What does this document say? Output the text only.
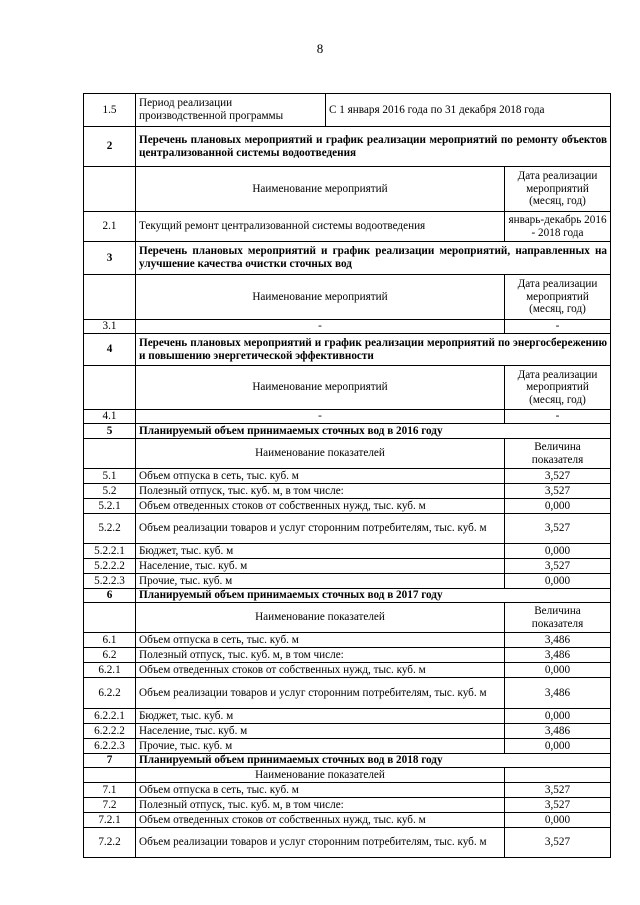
8
1.5	Период реализации производственной программы	С 1 января 2016 года по 31 декабря 2018 года	
2	Перечень плановых мероприятий и график реализации мероприятий по ремонту объектов централизованной системы водоотведения		
	Наименование мероприятий		Дата реализации мероприятий (месяц, год)
2.1	Текущий ремонт централизованной системы водоотведения		январь-декабрь 2016 - 2018 года
3	Перечень плановых мероприятий и график реализации мероприятий, направленных на улучшение качества очистки сточных вод		
	Наименование мероприятий		Дата реализации мероприятий (месяц, год)
3.1	-		-
4	Перечень плановых мероприятий и график реализации мероприятий по энергосбережению и повышению энергетической эффективности		
	Наименование мероприятий		Дата реализации мероприятий (месяц, год)
4.1	-		-
5	Планируемый объем принимаемых сточных вод в 2016 году		
	Наименование показателей		Величина показателя
5.1	Объем отпуска в сеть, тыс. куб. м		3,527
5.2	Полезный отпуск, тыс. куб. м, в том числе:		3,527
5.2.1	Объем отведенных стоков от собственных нужд, тыс. куб. м		0,000
5.2.2	Объем реализации товаров и услуг сторонним потребителям, тыс. куб. м		3,527
5.2.2.1	Бюджет, тыс. куб. м		0,000
5.2.2.2	Население, тыс. куб. м		3,527
5.2.2.3	Прочие, тыс. куб. м		0,000
6	Планируемый объем принимаемых сточных вод в 2017 году		
	Наименование показателей		Величина показателя
6.1	Объем отпуска в сеть, тыс. куб. м		3,486
6.2	Полезный отпуск, тыс. куб. м, в том числе:		3,486
6.2.1	Объем отведенных стоков от собственных нужд, тыс. куб. м		0,000
6.2.2	Объем реализации товаров и услуг сторонним потребителям, тыс. куб. м		3,486
6.2.2.1	Бюджет, тыс. куб. м		0,000
6.2.2.2	Население, тыс. куб. м		3,486
6.2.2.3	Прочие, тыс. куб. м		0,000
7	Планируемый объем принимаемых сточных вод в 2018 году		
	Наименование показателей		
7.1	Объем отпуска в сеть, тыс. куб. м		3,527
7.2	Полезный отпуск, тыс. куб. м, в том числе:		3,527
7.2.1	Объем отведенных стоков от собственных нужд, тыс. куб. м		0,000
7.2.2	Объем реализации товаров и услуг сторонним потребителям, тыс. куб. м		3,527
